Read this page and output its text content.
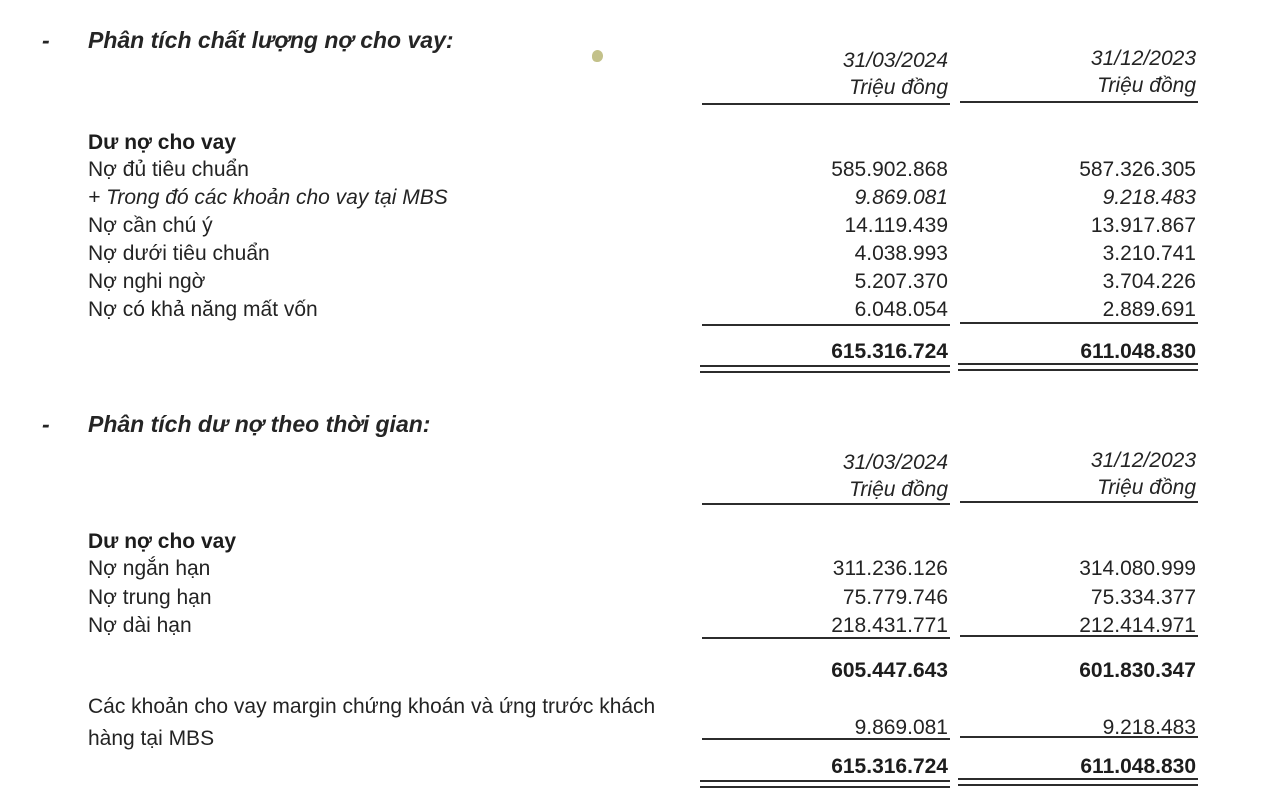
- Phân tích chất lượng nợ cho vay:
31/03/2024
Triệu đồng
31/12/2023
Triệu đồng
Dư nợ cho vay
Nợ đủ tiêu chuẩn	585.902.868	587.326.305
+ Trong đó các khoản cho vay tại MBS	9.869.081	9.218.483
Nợ cần chú ý	14.119.439	13.917.867
Nợ dưới tiêu chuẩn	4.038.993	3.210.741
Nợ nghi ngờ	5.207.370	3.704.226
Nợ có khả năng mất vốn	6.048.054	2.889.691
615.316.724	611.048.830
- Phân tích dư nợ theo thời gian:
31/03/2024
Triệu đồng
31/12/2023
Triệu đồng
Dư nợ cho vay
Nợ ngắn hạn	311.236.126	314.080.999
Nợ trung hạn	75.779.746	75.334.377
Nợ dài hạn	218.431.771	212.414.971
605.447.643	601.830.347
Các khoản cho vay margin chứng khoán và ứng trước khách hàng tại MBS	9.869.081	9.218.483
615.316.724	611.048.830
